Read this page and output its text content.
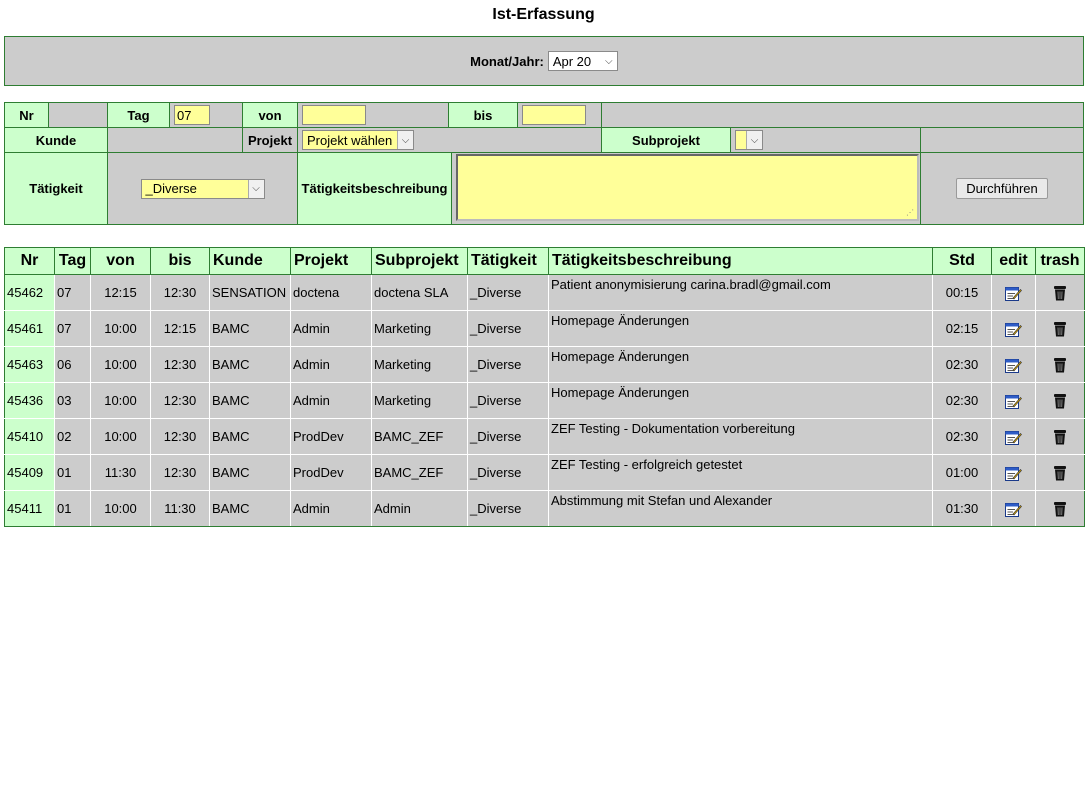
Ist-Erfassung
Monat/Jahr: Apr 20	⌵
Nr	Tag	07	von	bis
Kunde	Projekt	Projekt wählen ⌵	Subprojekt	⌵
Tätigkeit	_Diverse	⌵	Tätigkeitsbeschreibung
⋰
Durchführen
Nr	Tag	von	bis	Kunde	Projekt	Subprojekt	Tätigkeit	Tätigkeitsbeschreibung	Std	edit	trash
45462	07	12:15	12:30	SENSATION	doctena	doctena SLA	_Diverse	Patient anonymisierung carina.bradl@gmail.com	00:15		
45461	07	10:00	12:15	BAMC	Admin	Marketing	_Diverse	Homepage Änderungen	02:15		
45463	06	10:00	12:30	BAMC	Admin	Marketing	_Diverse	Homepage Änderungen	02:30		
45436	03	10:00	12:30	BAMC	Admin	Marketing	_Diverse	Homepage Änderungen	02:30		
45410	02	10:00	12:30	BAMC	ProdDev	BAMC_ZEF	_Diverse	ZEF Testing - Dokumentation vorbereitung	02:30		
45409	01	11:30	12:30	BAMC	ProdDev	BAMC_ZEF	_Diverse	ZEF Testing - erfolgreich getestet	01:00		
45411	01	10:00	11:30	BAMC	Admin	Admin	_Diverse	Abstimmung mit Stefan und Alexander	01:30		
